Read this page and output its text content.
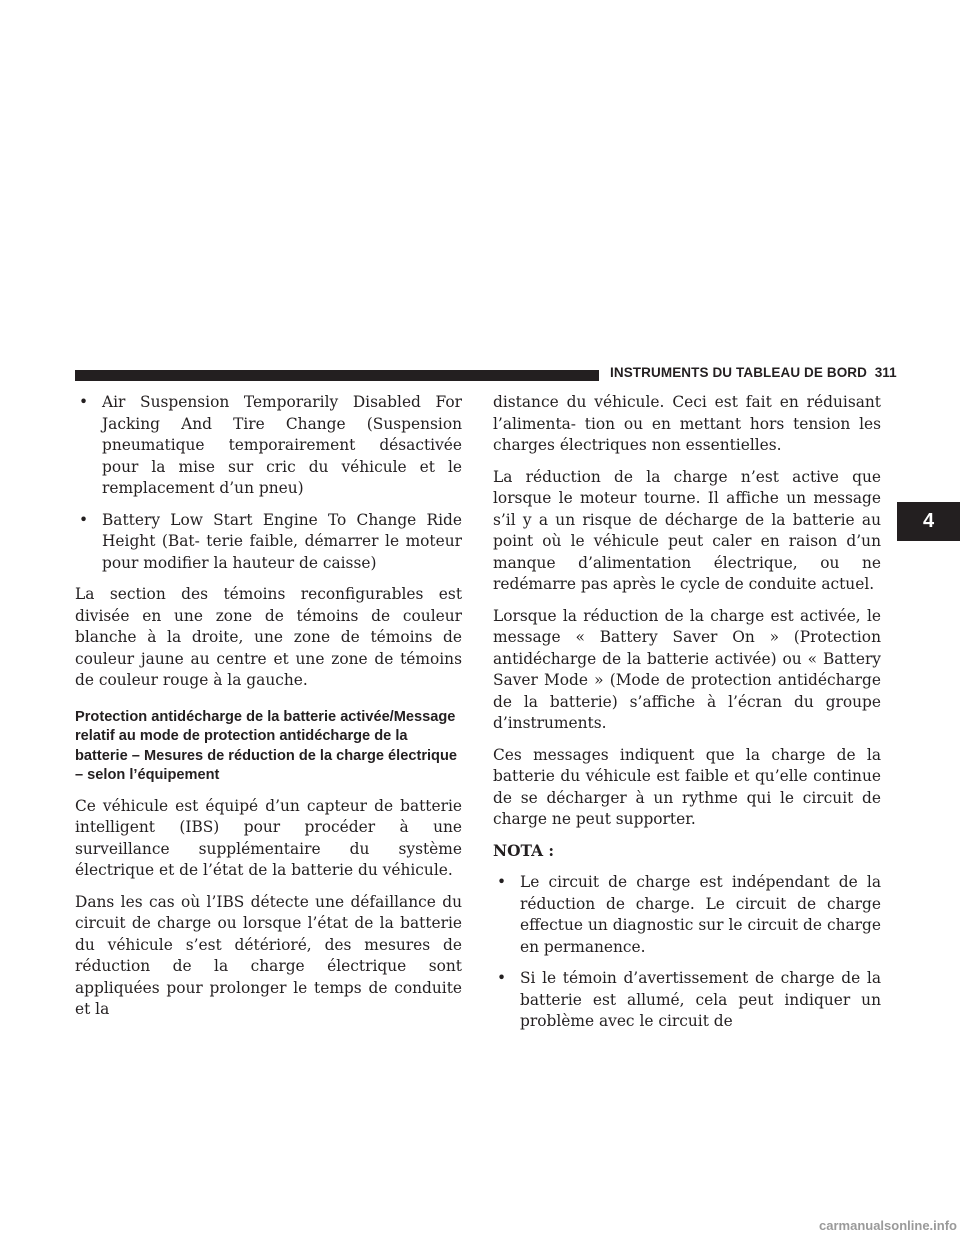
INSTRUMENTS DU TABLEAU DE BORD 311
4
• Air Suspension Temporarily Disabled For Jacking And Tire Change (Suspension pneumatique temporairement désactivée pour la mise sur cric du véhicule et le remplacement d’un pneu)
• Battery Low Start Engine To Change Ride Height (Bat- terie faible, démarrer le moteur pour modifier la hauteur de caisse)

La section des témoins reconfigurables est divisée en une zone de témoins de couleur blanche à la droite, une zone de témoins de couleur jaune au centre et une zone de témoins de couleur rouge à la gauche.

Protection antidécharge de la batterie activée/Message relatif au mode de protection antidécharge de la batterie – Mesures de réduction de la charge électrique – selon l’équipement

Ce véhicule est équipé d’un capteur de batterie intelligent (IBS) pour procéder à une surveillance supplémentaire du système électrique et de l’état de la batterie du véhicule.

Dans les cas où l’IBS détecte une défaillance du circuit de charge ou lorsque l’état de la batterie du véhicule s’est détérioré, des mesures de réduction de la charge électrique sont appliquées pour prolonger le temps de conduite et la

distance du véhicule. Ceci est fait en réduisant l’alimenta- tion ou en mettant hors tension les charges électriques non essentielles.

La réduction de la charge n’est active que lorsque le moteur tourne. Il affiche un message s’il y a un risque de décharge de la batterie au point où le véhicule peut caler en raison d’un manque d’alimentation électrique, ou ne redémarre pas après le cycle de conduite actuel.

Lorsque la réduction de la charge est activée, le message « Battery Saver On » (Protection antidécharge de la batterie activée) ou « Battery Saver Mode » (Mode de protection antidécharge de la batterie) s’affiche à l’écran du groupe d’instruments.

Ces messages indiquent que la charge de la batterie du véhicule est faible et qu’elle continue de se décharger à un rythme qui le circuit de charge ne peut supporter.

NOTA :
• Le circuit de charge est indépendant de la réduction de charge. Le circuit de charge effectue un diagnostic sur le circuit de charge en permanence.
• Si le témoin d’avertissement de charge de la batterie est allumé, cela peut indiquer un problème avec le circuit de
carmanualsonline.info
